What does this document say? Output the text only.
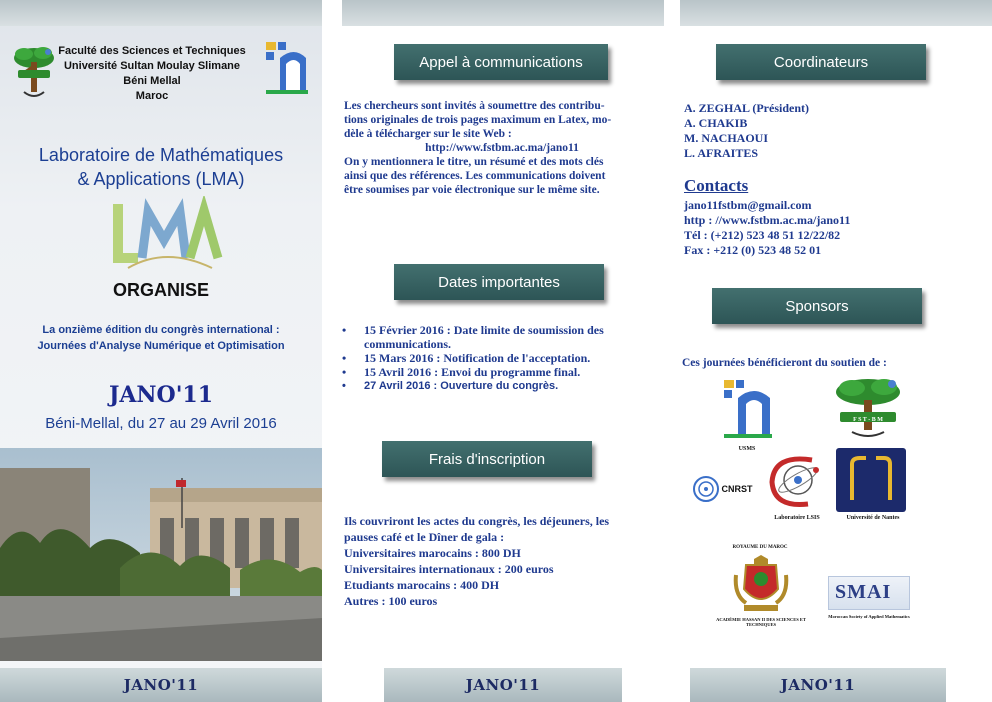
Faculté des Sciences et Techniques
Université Sultan Moulay Slimane
Béni Mellal
Maroc
Laboratoire de Mathématiques
& Applications (LMA)
ORGANISE
La onzième édition du congrès international :
Journées d'Analyse Numérique et Optimisation
JANO'11
Béni-Mellal, du 27 au 29 Avril 2016
JANO'11
Appel à communications
Les chercheurs sont invités à soumettre des contribu-
tions originales de trois pages maximum en Latex, mo-
dèle à télécharger sur le site Web :
http://www.fstbm.ac.ma/jano11
On y mentionnera le titre, un résumé et des mots clés
ainsi que des références. Les communications doivent
être soumises par voie électronique sur le même site.
Dates importantes
• 15 Février 2016 : Date limite de soumission des communications.
• 15 Mars 2016 : Notification de l'acceptation.
• 15 Avril 2016 : Envoi du programme final.
• 27 Avril 2016 : Ouverture du congrès.
Frais d'inscription
Ils couvriront les actes du congrès, les déjeuners, les
pauses café et le Dîner de gala :
Universitaires marocains : 800 DH
Universitaires internationaux : 200 euros
Etudiants marocains : 400 DH
Autres : 100 euros
JANO'11
Coordinateurs
A. ZEGHAL (Président)
A. CHAKIB
M. NACHAOUI
L. AFRAITES
Contacts
jano11fstbm@gmail.com
http : //www.fstbm.ac.ma/jano11
Tél : (+212) 523 48 51 12/22/82
Fax : +212 (0) 523 48 52 01
Sponsors
Ces journées bénéficieront du soutien de :
USMS
F S T - B M
CNRST
Laboratoire LSIS	Université de Nantes
ROYAUME DU MAROC
ACADÉMIE HASSAN II DES SCIENCES ET TECHNIQUES
SMAI
Moroccan Society of Applied Mathematics
JANO'11
